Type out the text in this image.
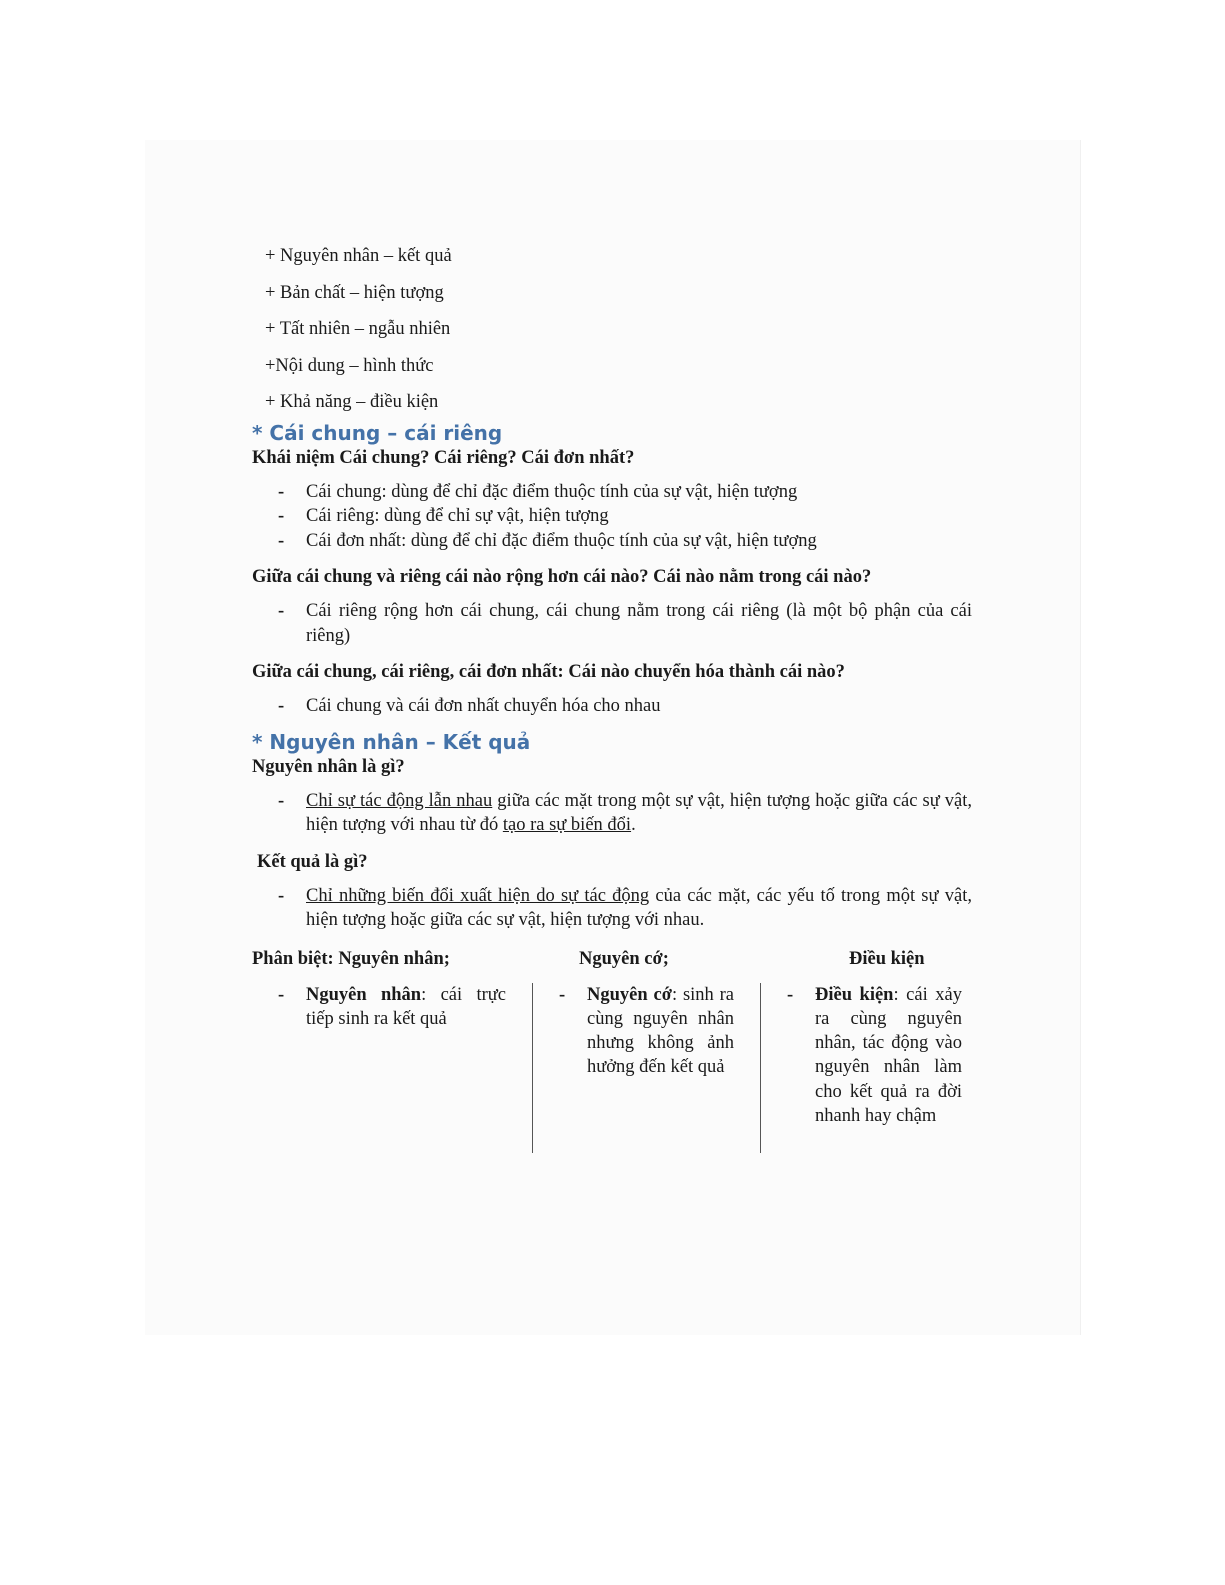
+ Nguyên nhân – kết quả
+ Bản chất – hiện tượng
+ Tất nhiên – ngẫu nhiên
+Nội dung – hình thức
+ Khả năng – điều kiện
* Cái chung – cái riêng

Khái niệm Cái chung? Cái riêng? Cái đơn nhất?

- Cái chung: dùng để chỉ đặc điểm thuộc tính của sự vật, hiện tượng
- Cái riêng: dùng để chỉ sự vật, hiện tượng
- Cái đơn nhất: dùng để chỉ đặc điểm thuộc tính của sự vật, hiện tượng

Giữa cái chung và riêng cái nào rộng hơn cái nào? Cái nào nằm trong cái nào?

- Cái riêng rộng hơn cái chung, cái chung nằm trong cái riêng (là một bộ phận của cái riêng)

Giữa cái chung, cái riêng, cái đơn nhất: Cái nào chuyển hóa thành cái nào?

- Cái chung và cái đơn nhất chuyển hóa cho nhau
* Nguyên nhân – Kết quả

Nguyên nhân là gì?

- Chỉ sự tác động lẫn nhau giữa các mặt trong một sự vật, hiện tượng hoặc giữa các sự vật, hiện tượng với nhau từ đó tạo ra sự biến đổi.

Kết quả là gì?

- Chỉ những biến đổi xuất hiện do sự tác động của các mặt, các yếu tố trong một sự vật, hiện tượng hoặc giữa các sự vật, hiện tượng với nhau.
Phân biệt: Nguyên nhân;	Nguyên cớ;	Điều kiện
- Nguyên nhân: cái trực tiếp sinh ra kết quả
- Nguyên cớ: sinh ra cùng nguyên nhân nhưng không ảnh hưởng đến kết quả
- Điều kiện: cái xảy ra cùng nguyên nhân, tác động vào nguyên nhân làm cho kết quả ra đời nhanh hay chậm
